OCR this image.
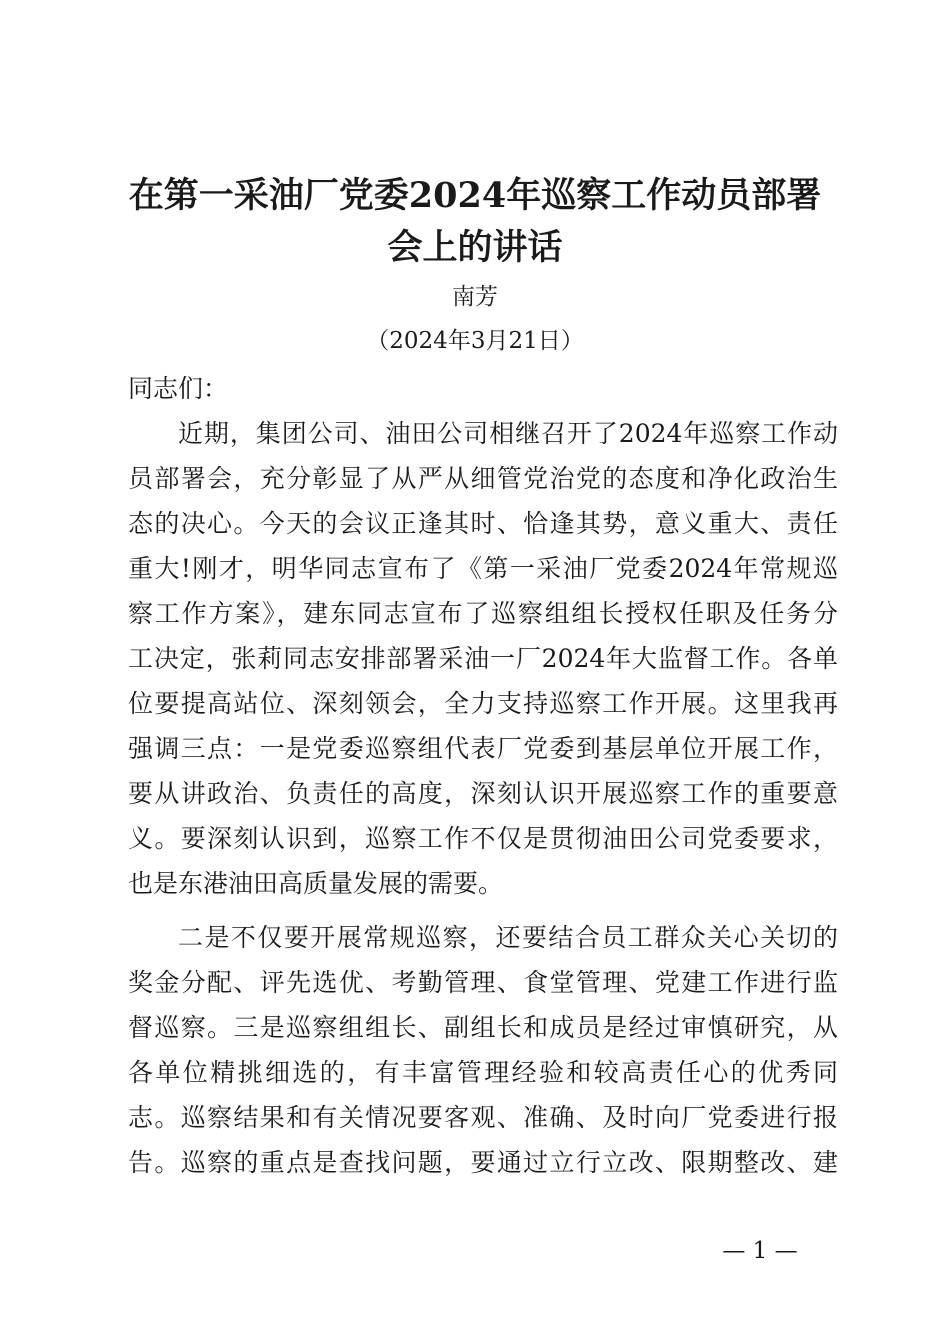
在第一采油厂党委2024年巡察工作动员部署
会上的讲话
南芳
（2024年3月21日）
同志们：
近期，集团公司、油田公司相继召开了2024年巡察工作动
员部署会，充分彰显了从严从细管党治党的态度和净化政治生
态的决心。今天的会议正逢其时、恰逢其势，意义重大、责任
重大!刚才，明华同志宣布了《第一采油厂党委2024年常规巡
察工作方案》，建东同志宣布了巡察组组长授权任职及任务分
工决定，张莉同志安排部署采油一厂2024年大监督工作。各单
位要提高站位、深刻领会，全力支持巡察工作开展。这里我再
强调三点：一是党委巡察组代表厂党委到基层单位开展工作，
要从讲政治、负责任的高度，深刻认识开展巡察工作的重要意
义。要深刻认识到，巡察工作不仅是贯彻油田公司党委要求，
也是东港油田高质量发展的需要。
二是不仅要开展常规巡察，还要结合员工群众关心关切的
奖金分配、评先选优、考勤管理、食堂管理、党建工作进行监
督巡察。三是巡察组组长、副组长和成员是经过审慎研究，从
各单位精挑细选的，有丰富管理经验和较高责任心的优秀同
志。巡察结果和有关情况要客观、准确、及时向厂党委进行报
告。巡察的重点是查找问题，要通过立行立改、限期整改、建
— 1 —
